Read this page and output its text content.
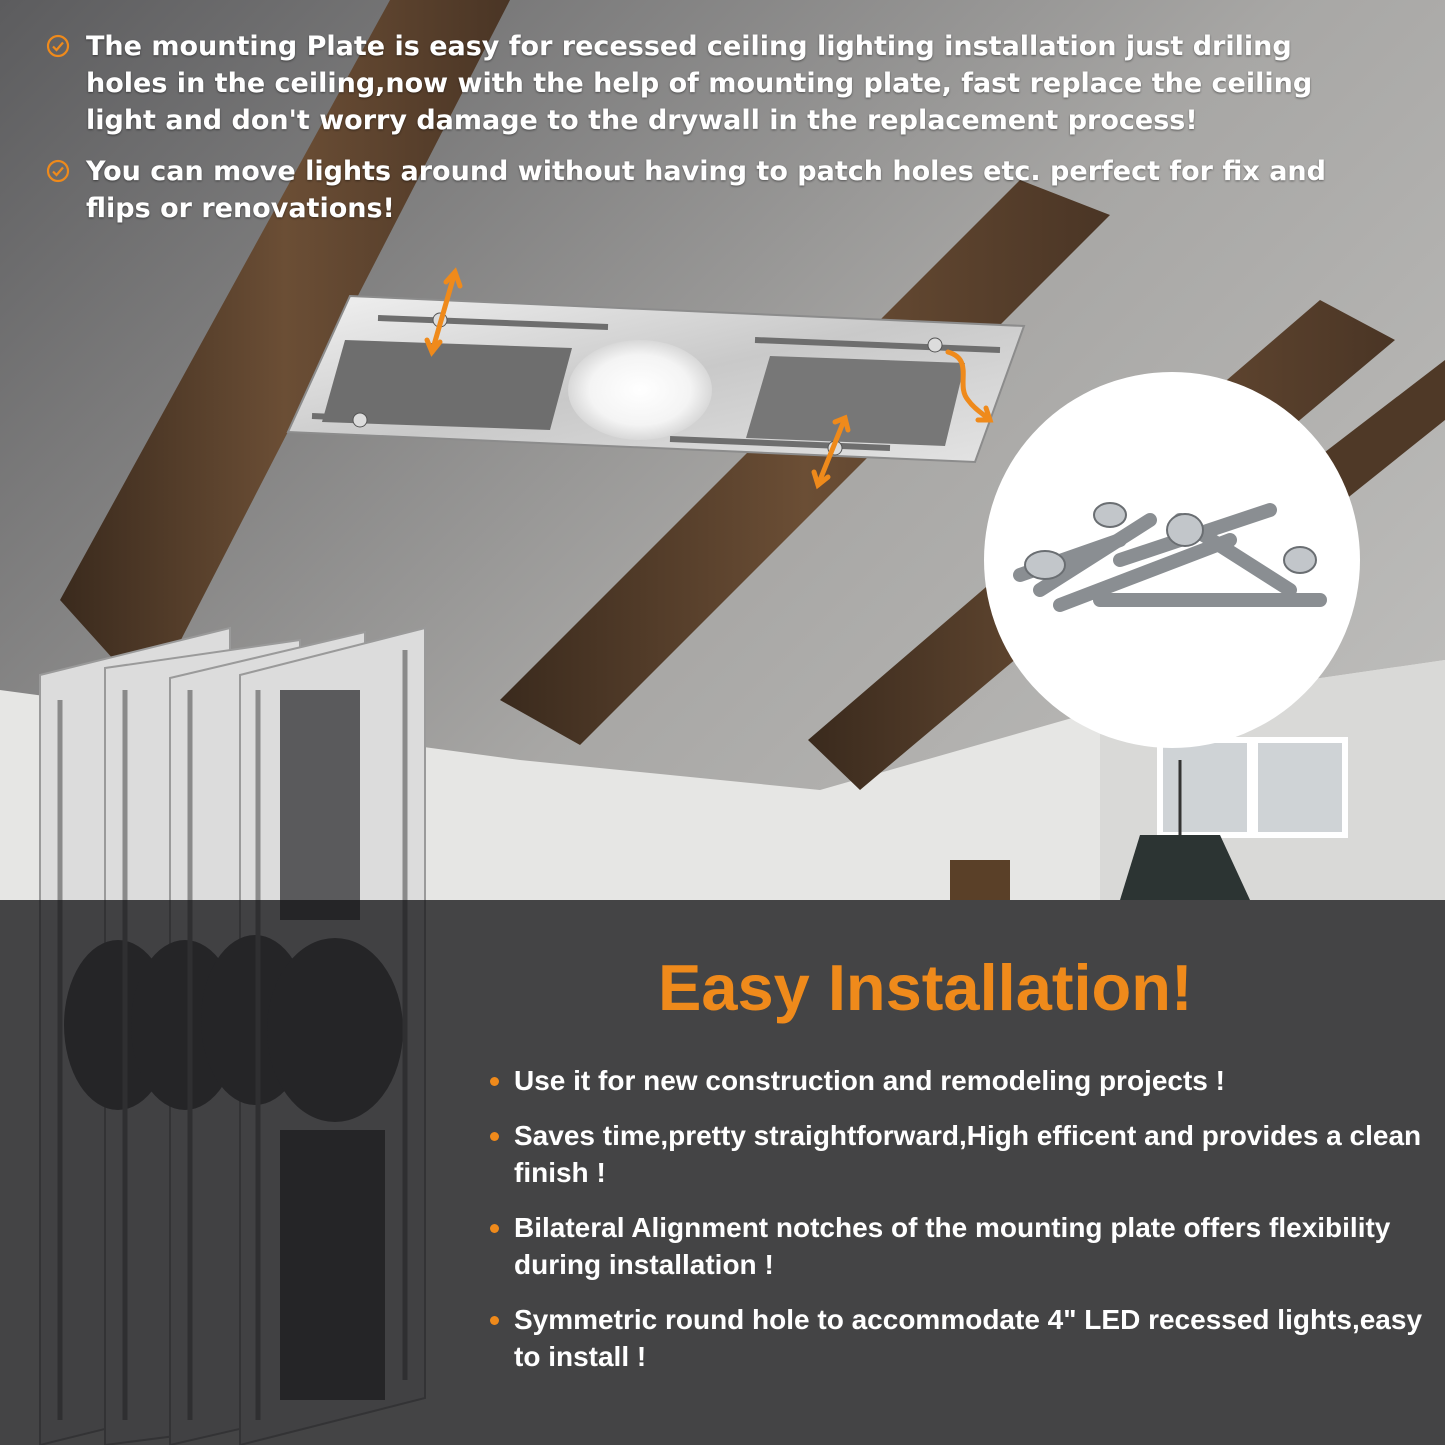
The mounting Plate is easy for recessed ceiling lighting installation just driling holes in the ceiling,now with the help of mounting plate, fast replace the ceiling light and don't worry damage to the drywall in the replacement process!

You can move lights around without having to patch holes etc. perfect for fix and flips or renovations!

Easy Installation!

Use it for new construction and remodeling projects !

Saves time,pretty straightforward,High efficent and provides a clean finish !

Bilateral Alignment notches of the mounting plate offers flexibility during installation !

Symmetric round hole to accommodate 4" LED recessed lights,easy to install !
